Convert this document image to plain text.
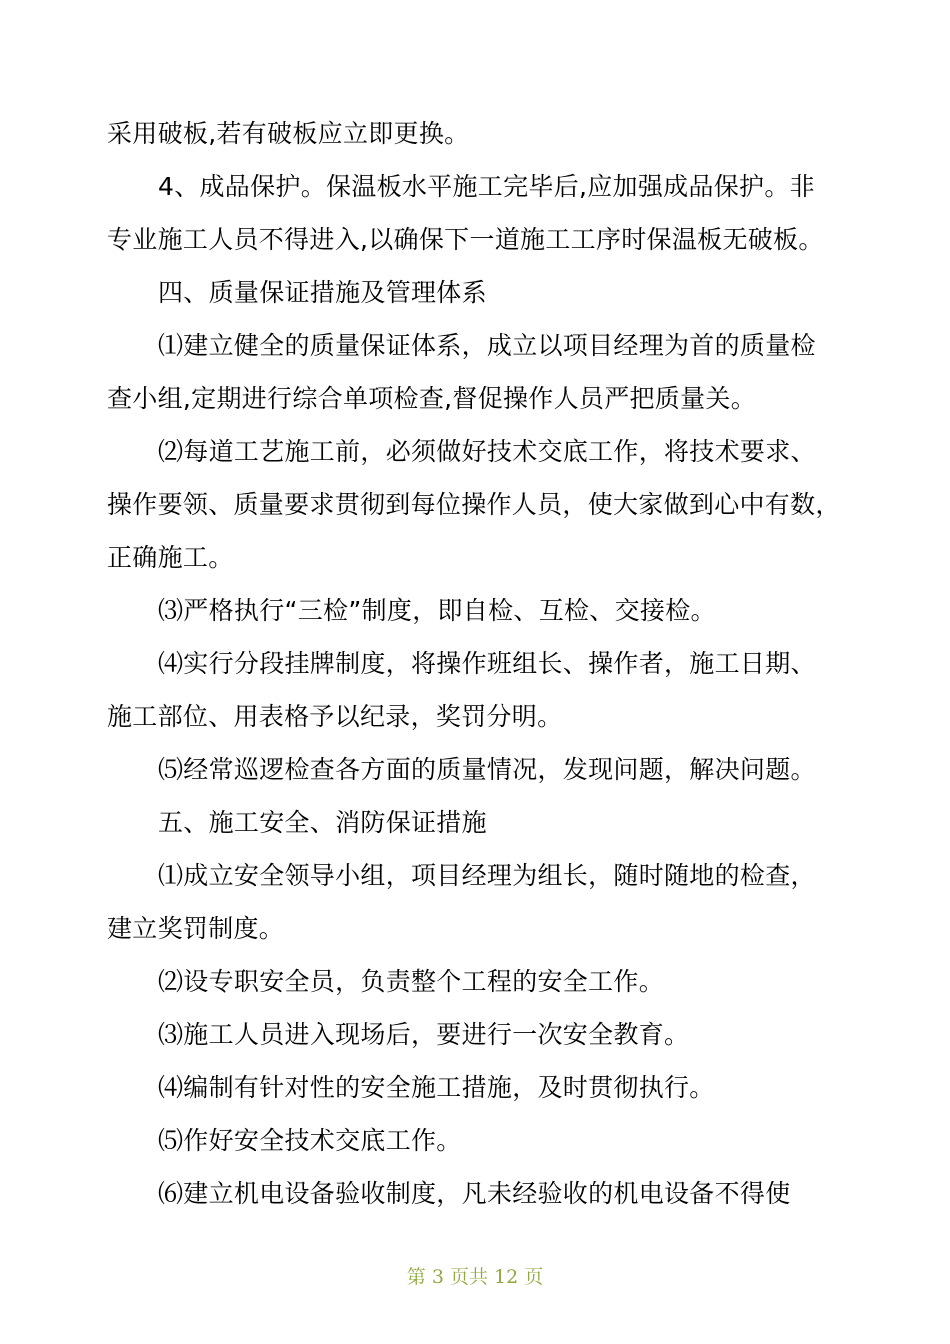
采用破板,若有破板应立即更换。
4、成品保护。保温板水平施工完毕后,应加强成品保护。非
专业施工人员不得进入,以确保下一道施工工序时保温板无破板。
四、质量保证措施及管理体系
⑴建立健全的质量保证体系，成立以项目经理为首的质量检
查小组,定期进行综合单项检查,督促操作人员严把质量关。
⑵每道工艺施工前，必须做好技术交底工作，将技术要求、
操作要领、质量要求贯彻到每位操作人员，使大家做到心中有数，
正确施工。
⑶严格执行“三检”制度，即自检、互检、交接检。
⑷实行分段挂牌制度，将操作班组长、操作者，施工日期、
施工部位、用表格予以纪录，奖罚分明。
⑸经常巡逻检查各方面的质量情况，发现问题，解决问题。
五、施工安全、消防保证措施
⑴成立安全领导小组，项目经理为组长，随时随地的检查，
建立奖罚制度。
⑵设专职安全员，负责整个工程的安全工作。
⑶施工人员进入现场后，要进行一次安全教育。
⑷编制有针对性的安全施工措施，及时贯彻执行。
⑸作好安全技术交底工作。
⑹建立机电设备验收制度，凡未经验收的机电设备不得使
第 3 页共 12 页
